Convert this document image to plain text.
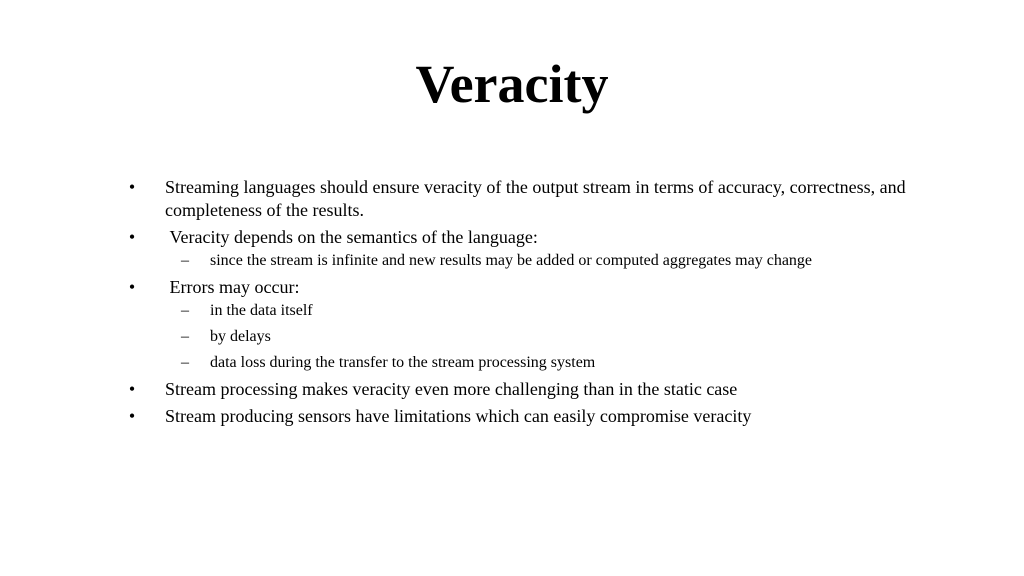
Veracity
• Streaming languages should ensure veracity of the output stream in terms of accuracy, correctness, and completeness of the results.
• Veracity depends on the semantics of the language:
–	since the stream is infinite and new results may be added or computed aggregates may change
• Errors may occur:
–	in the data itself
–	by delays
–	data loss during the transfer to the stream processing system
• Stream processing makes veracity even more challenging than in the static case
• Stream producing sensors have limitations which can easily compromise veracity
